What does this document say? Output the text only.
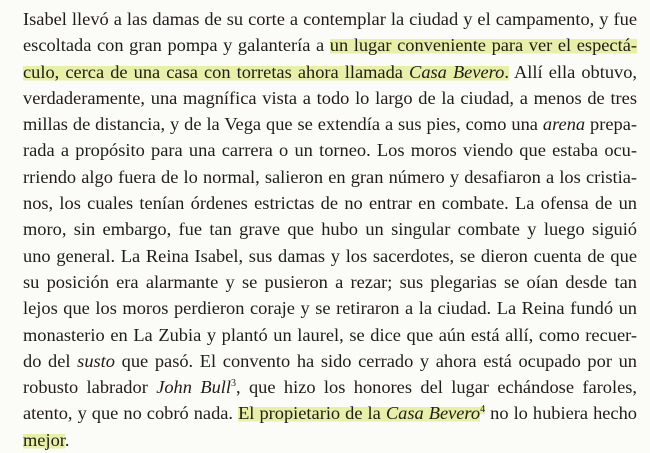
Isabel llevó a las damas de su corte a contemplar la ciudad y el campamento, y fue
escoltada con gran pompa y galantería a un lugar conveniente para ver el espectá-
culo, cerca de una casa con torretas ahora llamada Casa Bevero. Allí ella obtuvo,
verdaderamente, una magnífica vista a todo lo largo de la ciudad, a menos de tres
millas de distancia, y de la Vega que se extendía a sus pies, como una arena prepa-
rada a propósito para una carrera o un torneo. Los moros viendo que estaba ocu-
rriendo algo fuera de lo normal, salieron en gran número y desafiaron a los cristia-
nos, los cuales tenían órdenes estrictas de no entrar en combate. La ofensa de un
moro, sin embargo, fue tan grave que hubo un singular combate y luego siguió
uno general. La Reina Isabel, sus damas y los sacerdotes, se dieron cuenta de que
su posición era alarmante y se pusieron a rezar; sus plegarias se oían desde tan
lejos que los moros perdieron coraje y se retiraron a la ciudad. La Reina fundó un
monasterio en La Zubia y plantó un laurel, se dice que aún está allí, como recuer-
do del susto que pasó. El convento ha sido cerrado y ahora está ocupado por un
robusto labrador John Bull$^3$, que hizo los honores del lugar echándose faroles,
atento, y que no cobró nada. El propietario de la Casa Bevero$^4$ no lo hubiera hecho
mejor.
